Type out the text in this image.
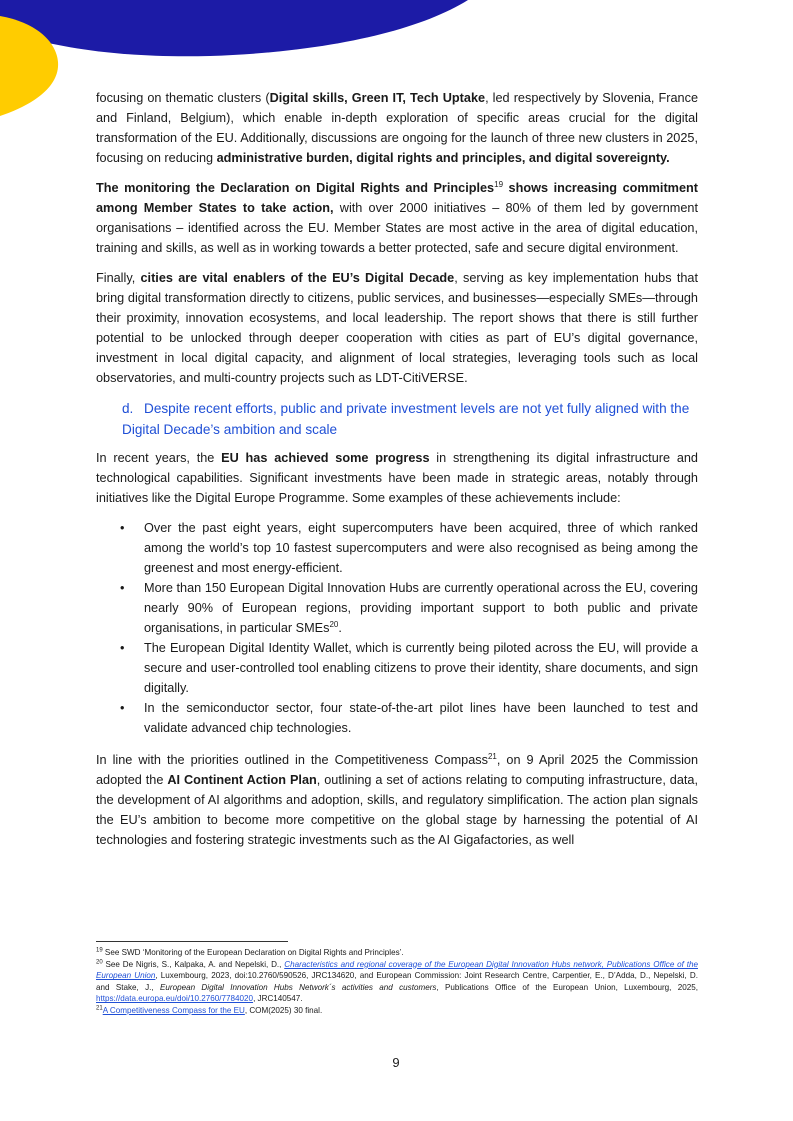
focusing on thematic clusters (Digital skills, Green IT, Tech Uptake, led respectively by Slovenia, France and Finland, Belgium), which enable in-depth exploration of specific areas crucial for the digital transformation of the EU. Additionally, discussions are ongoing for the launch of three new clusters in 2025, focusing on reducing administrative burden, digital rights and principles, and digital sovereignty.

The monitoring the Declaration on Digital Rights and Principles$^{19}$ shows increasing commitment among Member States to take action, with over 2000 initiatives – 80% of them led by government organisations – identified across the EU. Member States are most active in the area of digital education, training and skills, as well as in working towards a better protected, safe and secure digital environment.

Finally, cities are vital enablers of the EU’s Digital Decade, serving as key implementation hubs that bring digital transformation directly to citizens, public services, and businesses—especially SMEs—through their proximity, innovation ecosystems, and local leadership. The report shows that there is still further potential to be unlocked through deeper cooperation with cities as part of EU’s digital governance, investment in local digital capacity, and alignment of local strategies, leveraging tools such as local observatories, and multi-country projects such as LDT-CitiVERSE.

d. Despite recent efforts, public and private investment levels are not yet fully aligned with the Digital Decade’s ambition and scale

In recent years, the EU has achieved some progress in strengthening its digital infrastructure and technological capabilities. Significant investments have been made in strategic areas, notably through initiatives like the Digital Europe Programme. Some examples of these achievements include:

• Over the past eight years, eight supercomputers have been acquired, three of which ranked among the world’s top 10 fastest supercomputers and were also recognised as being among the greenest and most energy-efficient.
• More than 150 European Digital Innovation Hubs are currently operational across the EU, covering nearly 90% of European regions, providing important support to both public and private organisations, in particular SMEs$^{20}$.
• The European Digital Identity Wallet, which is currently being piloted across the EU, will provide a secure and user-controlled tool enabling citizens to prove their identity, share documents, and sign digitally.
• In the semiconductor sector, four state-of-the-art pilot lines have been launched to test and validate advanced chip technologies.

In line with the priorities outlined in the Competitiveness Compass$^{21}$, on 9 April 2025 the Commission adopted the AI Continent Action Plan, outlining a set of actions relating to computing infrastructure, data, the development of AI algorithms and adoption, skills, and regulatory simplification. The action plan signals the EU’s ambition to become more competitive on the global stage by harnessing the potential of AI technologies and fostering strategic investments such as the AI Gigafactories, as well

$^{19}$ See SWD ‘Monitoring of the European Declaration on Digital Rights and Principles’.

$^{20}$ See De Nigris, S., Kalpaka, A. and Nepelski, D., Characteristics and regional coverage of the European Digital Innovation Hubs network, Publications Office of the European Union, Luxembourg, 2023, doi:10.2760/590526, JRC134620, and European Commission: Joint Research Centre, Carpentier, E., D’Adda, D., Nepelski, D. and Stake, J., European Digital Innovation Hubs Network´s activities and customers, Publications Office of the European Union, Luxembourg, 2025, https://data.europa.eu/doi/10.2760/7784020, JRC140547.

$^{21}$A Competitiveness Compass for the EU, COM(2025) 30 final.

9
